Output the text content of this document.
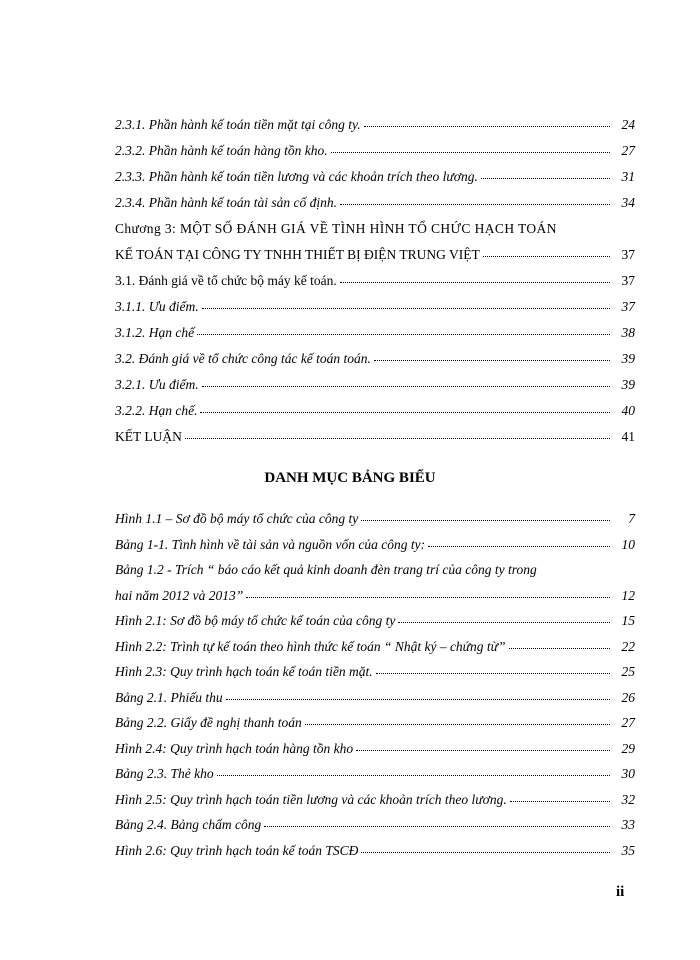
2.3.1. Phần hành kế toán tiền mặt tại công ty.	24
2.3.2. Phần hành kế toán hàng tồn kho.	27
2.3.3. Phần hành kế toán tiền lương và các khoản trích theo lương.	31
2.3.4. Phần hành kế toán tài sản cố định.	34
Chương 3: MỘT SỐ ĐÁNH GIÁ VỀ TÌNH HÌNH TỔ CHỨC HẠCH TOÁN
KẾ TOÁN TẠI CÔNG TY TNHH THIẾT BỊ ĐIỆN TRUNG VIỆT	37
3.1. Đánh giá về tổ chức bộ máy kế toán.	37
3.1.1. Ưu điểm.	37
3.1.2. Hạn chế	38
3.2. Đánh giá về tổ chức công tác kế toán toán.	39
3.2.1. Ưu điểm.	39
3.2.2. Hạn chế.	40
KẾT LUẬN	41
DANH MỤC BẢNG BIỂU
Hình 1.1 – Sơ đồ bộ máy tổ chức của công ty	7
Bảng 1-1. Tình hình về tài sản và nguồn vốn của công ty:	10
Bảng 1.2 - Trích “ báo cáo kết quả kinh doanh đèn trang trí của công ty trong
hai năm 2012 và 2013”	12
Hình 2.1: Sơ đồ bộ máy tổ chức kế toán của công ty	15
Hình 2.2: Trình tự kế toán theo hình thức kế toán “ Nhật ký – chứng từ”	22
Hình 2.3: Quy trình hạch toán kế toán tiền mặt.	25
Bảng 2.1. Phiếu thu	26
Bảng 2.2. Giấy đề nghị thanh toán	27
Hình 2.4: Quy trình hạch toán hàng tồn kho	29
Bảng 2.3. Thẻ kho	30
Hình 2.5: Quy trình hạch toán tiền lương và các khoản trích theo lương.	32
Bảng 2.4. Bảng chấm công	33
Hình 2.6: Quy trình hạch toán kế toán TSCĐ	35
ii
